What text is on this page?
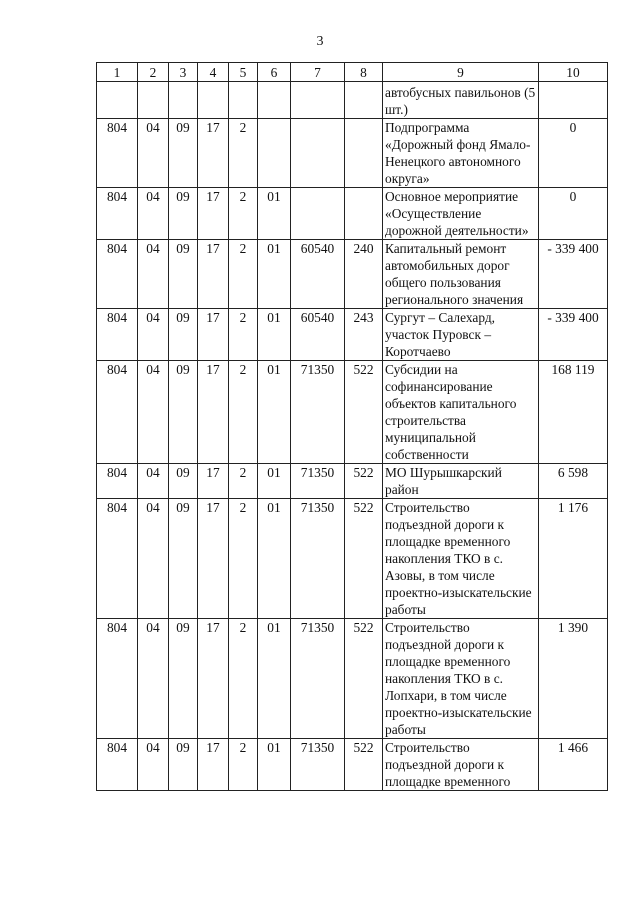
3
1	2	3	4	5	6	7	8	9	10
								автобусных павильонов (5 шт.)	
804	04	09	17	2				Подпрограмма «Дорожный фонд Ямало-Ненецкого автономного округа»	0
804	04	09	17	2	01			Основное мероприятие «Осуществление дорожной деятельности»	0
804	04	09	17	2	01	60540	240	Капитальный ремонт автомобильных дорог общего пользования регионального значения	- 339 400
804	04	09	17	2	01	60540	243	Сургут – Салехард, участок Пуровск – Коротчаево	- 339 400
804	04	09	17	2	01	71350	522	Субсидии на софинансирование объектов капитального строительства муниципальной собственности	168 119
804	04	09	17	2	01	71350	522	МО Шурышкарский район	6 598
804	04	09	17	2	01	71350	522	Строительство подъездной дороги к площадке временного накопления ТКО в с. Азовы, в том числе проектно-изыскательские работы	1 176
804	04	09	17	2	01	71350	522	Строительство подъездной дороги к площадке временного накопления ТКО в с. Лопхари, в том числе проектно-изыскательские работы	1 390
804	04	09	17	2	01	71350	522	Строительство подъездной дороги к площадке временного	1 466
